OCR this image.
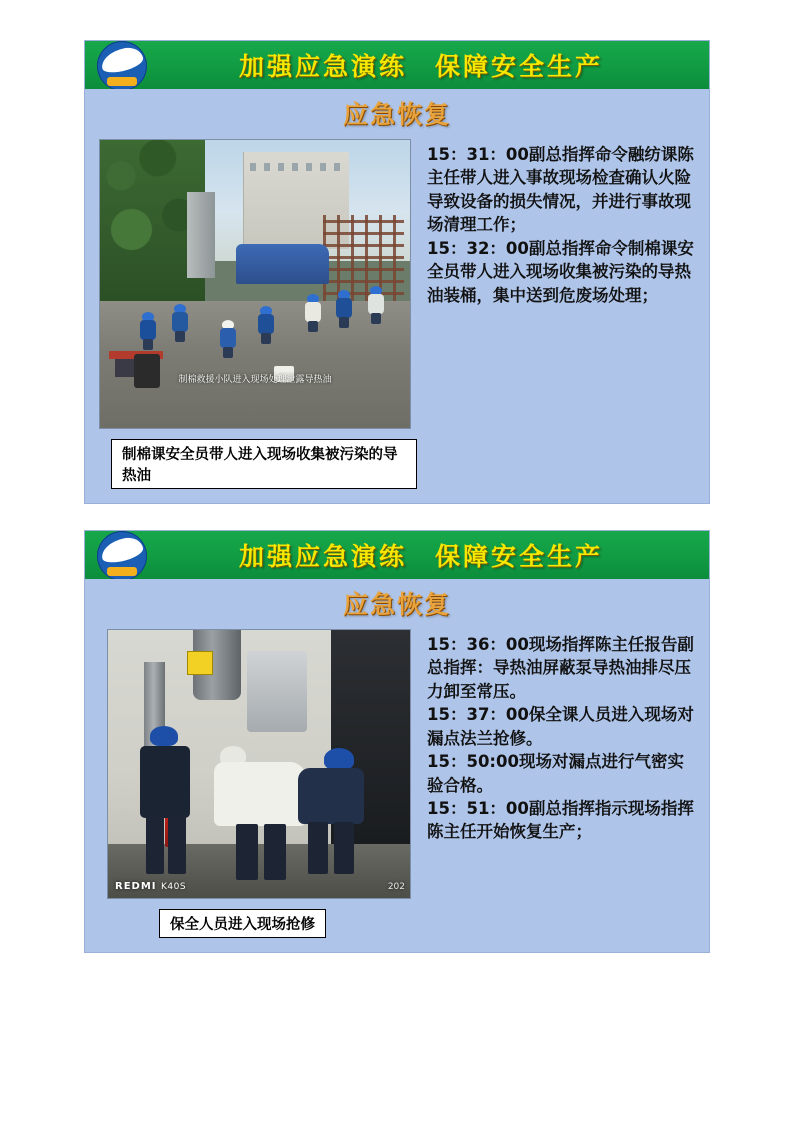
加强应急演练　保障安全生产
应急恢复
制棉救援小队进入现场处理泄露导热油
制棉课安全员带人进入现场收集被污染的导热油

15：31：00副总指挥命令融纺课陈主任带人进入事故现场检查确认火险导致设备的损失情况，并进行事故现场清理工作；

15：32：00副总指挥命令制棉课安全员带人进入现场收集被污染的导热油装桶，集中送到危废场处理；

加强应急演练　保障安全生产
应急恢复
REDMI K40S	202
保全人员进入现场抢修

15：36：00现场指挥陈主任报告副总指挥：导热油屏蔽泵导热油排尽压力卸至常压。

15：37：00保全课人员进入现场对漏点法兰抢修。

15：50:00现场对漏点进行气密实验合格。

15：51：00副总指挥指示现场指挥陈主任开始恢复生产；
